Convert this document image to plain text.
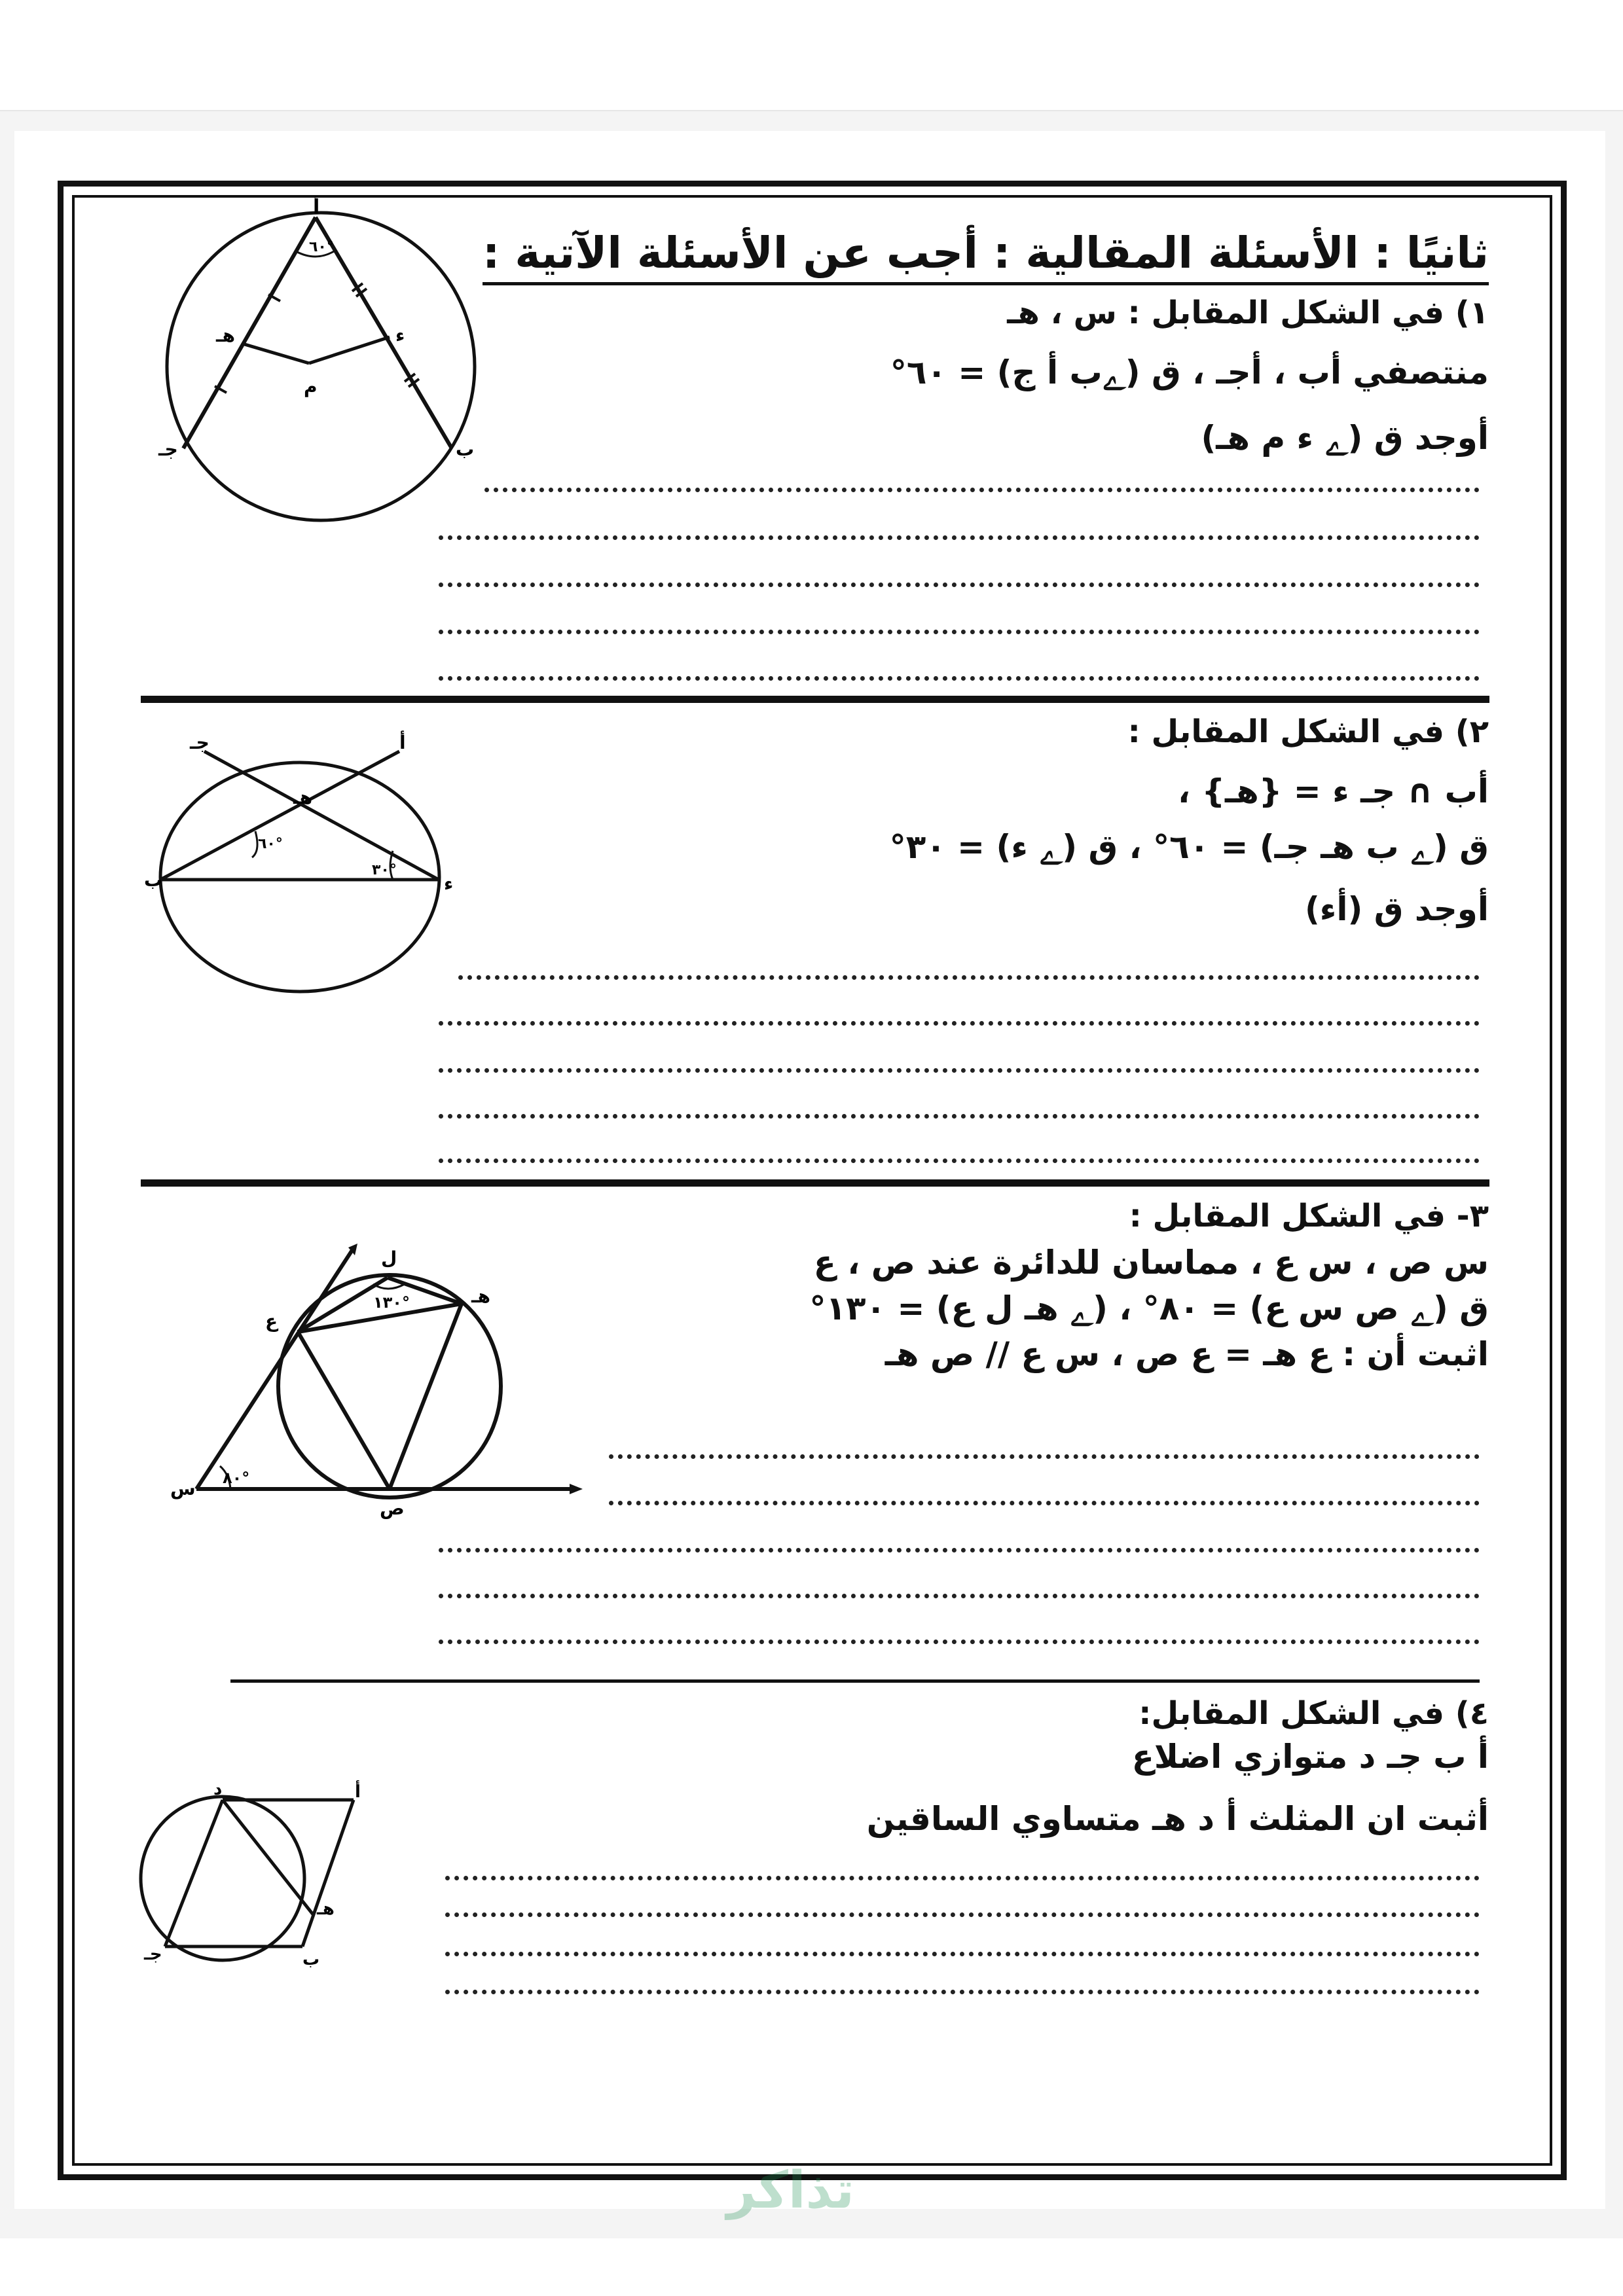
ثانيًا : الأسئلة المقالية : أجب عن الأسئلة الآتية :
١) في الشكل المقابل : س ، هـ
منتصفي أب ، أجـ ، ق (ﮮب أ ج) = ٦٠°
أوجد ق (ﮮ ء م هـ)
٦٠°
أ
م
ب
جـ
هـ	ء
٢) في الشكل المقابل :
أب ∩ جـ ء = {هـ} ،
ق (ﮮ ب هـ جـ) = ٦٠° ، ق (ﮮ ء) = ٣٠°
أوجد ق (أء)
٦٠°
٣٠°
أ
جـ
هـ
ب	ء
٣- في الشكل المقابل :
س ص ، س ع ، مماسان للدائرة عند ص ، ع
ق (ﮮ ص س ع) = ٨٠° ، (ﮮ هـ ل ع) = ١٣٠°
اثبت أن : ع هـ = ع ص ، س ع // ص هـ
١٣٠°
٨٠°
ل
ع
هـ
س
ص
٤) في الشكل المقابل:
أ ب جـ د متوازي اضلاع
أثبت ان المثلث أ د هـ متساوي الساقين
أ
د
هـ
ب
جـ
تذاكر
